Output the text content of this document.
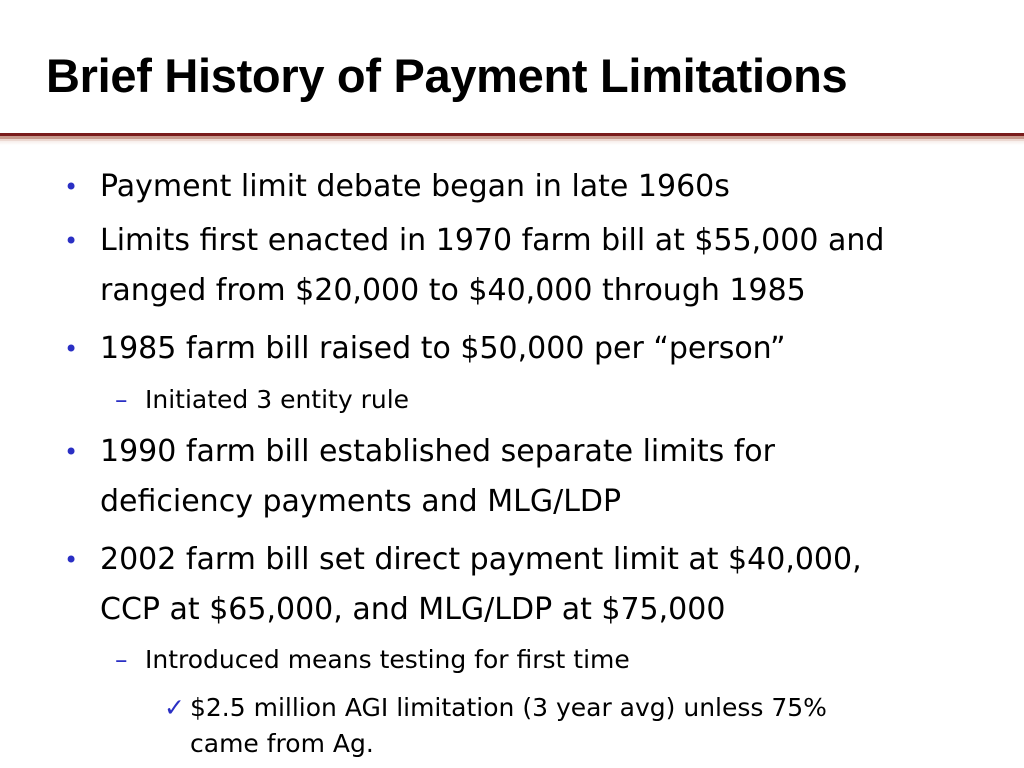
Brief History of Payment Limitations
• Payment limit debate began in late 1960s
• Limits first enacted in 1970 farm bill at $55,000 and
ranged from $20,000 to $40,000 through 1985
• 1985 farm bill raised to $50,000 per “person”
– Initiated 3 entity rule
• 1990 farm bill established separate limits for
deficiency payments and MLG/LDP
• 2002 farm bill set direct payment limit at $40,000,
CCP at $65,000, and MLG/LDP at $75,000
– Introduced means testing for first time
✓ $2.5 million AGI limitation (3 year avg) unless 75%
came from Ag.
